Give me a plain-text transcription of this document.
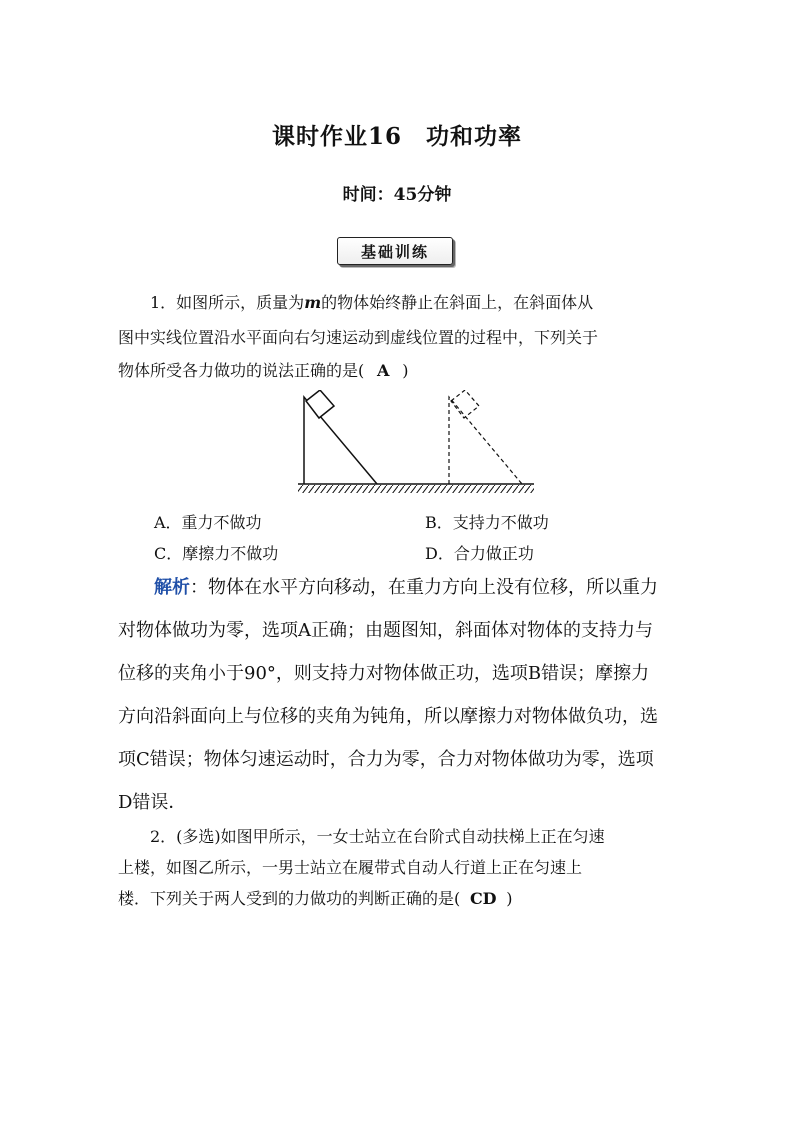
课时作业16　功和功率
时间：45分钟
基础训练
1．如图所示，质量为m的物体始终静止在斜面上，在斜面体从
图中实线位置沿水平面向右匀速运动到虚线位置的过程中，下列关于
物体所受各力做功的说法正确的是( A )
A．重力不做功	B．支持力不做功
C．摩擦力不做功	D．合力做正功
解析：物体在水平方向移动，在重力方向上没有位移，所以重力
对物体做功为零，选项A正确；由题图知，斜面体对物体的支持力与
位移的夹角小于90°，则支持力对物体做正功，选项B错误；摩擦力
方向沿斜面向上与位移的夹角为钝角，所以摩擦力对物体做负功，选
项C错误；物体匀速运动时，合力为零，合力对物体做功为零，选项
D错误．
2．(多选)如图甲所示，一女士站立在台阶式自动扶梯上正在匀速
上楼，如图乙所示，一男士站立在履带式自动人行道上正在匀速上
楼．下列关于两人受到的力做功的判断正确的是( CD )
